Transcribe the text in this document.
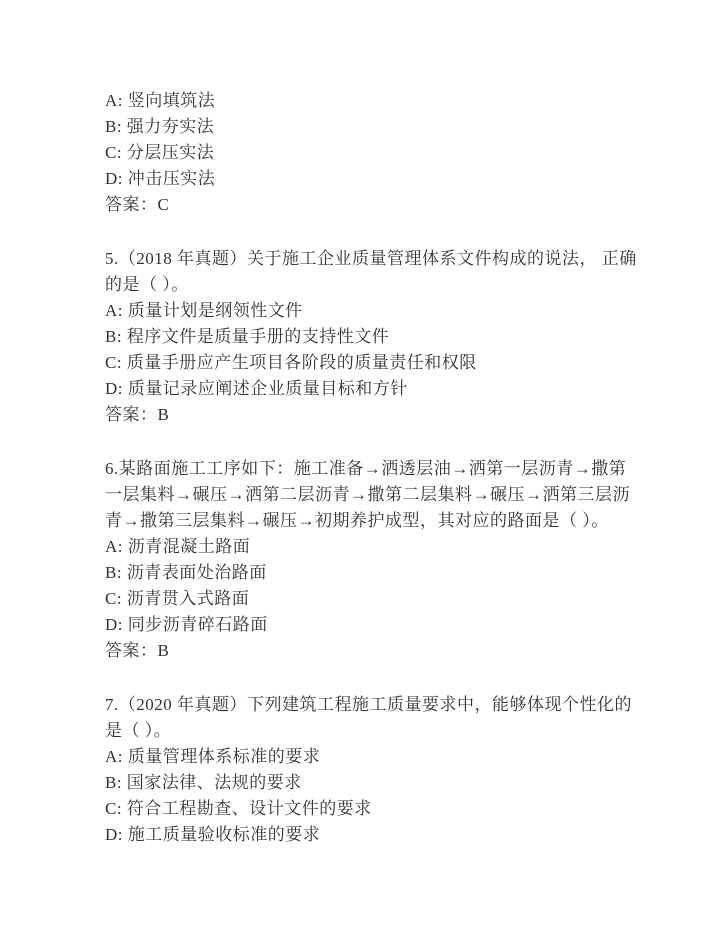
A: 竖向填筑法
B: 强力夯实法
C: 分层压实法
D: 冲击压实法
答案：C
5.（2018 年真题）关于施工企业质量管理体系文件构成的说法， 正确
的是（ ）。
A: 质量计划是纲领性文件
B: 程序文件是质量手册的支持性文件
C: 质量手册应产生项目各阶段的质量责任和权限
D: 质量记录应阐述企业质量目标和方针
答案：B
6.某路面施工工序如下：施工准备→洒透层油→洒第一层沥青→撒第
一层集料→碾压→洒第二层沥青→撒第二层集料→碾压→洒第三层沥
青→撒第三层集料→碾压→初期养护成型，其对应的路面是（ ）。
A: 沥青混凝土路面
B: 沥青表面处治路面
C: 沥青贯入式路面
D: 同步沥青碎石路面
答案：B
7.（2020 年真题）下列建筑工程施工质量要求中，能够体现个性化的
是（ ）。
A: 质量管理体系标准的要求
B: 国家法律、法规的要求
C: 符合工程勘查、设计文件的要求
D: 施工质量验收标准的要求
